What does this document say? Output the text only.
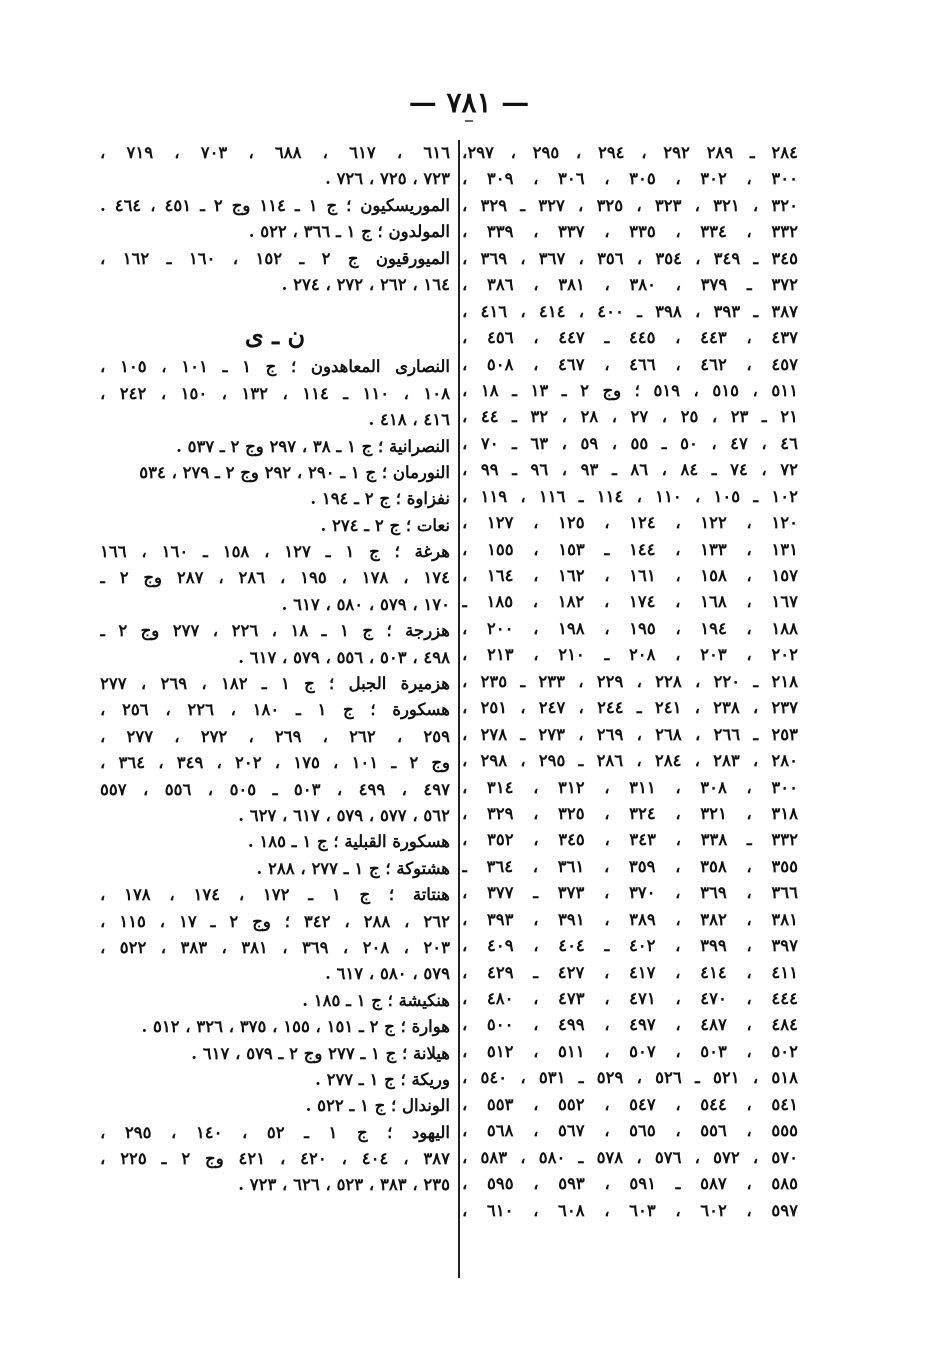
— ٧٨١ —
٢٨٤ ـ ٢٨٩ ٢٩٢ ، ٢٩٤ ، ٢٩٥ ، ٢٩٧،
٣٠٠ ، ٣٠٢ ، ٣٠٥ ، ٣٠٦ ، ٣٠٩ ،
٣٢٠ ، ٣٢١ ، ٣٢٣ ، ٣٢٥ ، ٣٢٧ ـ ٣٢٩ ،
٣٣٢ ، ٣٣٤ ، ٣٣٥ ، ٣٣٧ ، ٣٣٩ ،
٣٤٥ ـ ٣٤٩ ، ٣٥٤ ، ٣٥٦ ، ٣٦٧ ، ٣٦٩ ،
٣٧٢ ـ ٣٧٩ ، ٣٨٠ ، ٣٨١ ، ٣٨٦ ،
٣٨٧ ـ ٣٩٣ ، ٣٩٨ ـ ٤٠٠ ، ٤١٤ ، ٤١٦ ،
٤٣٧ ، ٤٤٣ ، ٤٤٥ ـ ٤٤٧ ، ٤٥٦ ،
٤٥٧ ، ٤٦٢ ، ٤٦٦ ، ٤٦٧ ، ٥٠٨ ،
٥١١ ، ٥١٥ ، ٥١٩ ؛ وج ٢ ـ ١٣ ـ ١٨ ،
٢١ ـ ٢٣ ، ٢٥ ، ٢٧ ، ٢٨ ، ٣٢ ـ ٤٤ ،
٤٦ ، ٤٧ ، ٥٠ ـ ٥٥ ، ٥٩ ، ٦٣ ـ ٧٠ ،
٧٢ ، ٧٤ ـ ٨٤ ، ٨٦ ـ ٩٣ ، ٩٦ ـ ٩٩ ،
١٠٢ ـ ١٠٥ ، ١١٠ ، ١١٤ ـ ١١٦ ، ١١٩ ،
١٢٠ ، ١٢٢ ، ١٢٤ ، ١٢٥ ، ١٢٧ ،
١٣١ ، ١٣٣ ، ١٤٤ ـ ١٥٣ ، ١٥٥ ،
١٥٧ ، ١٥٨ ، ١٦١ ، ١٦٢ ، ١٦٤ ،
١٦٧ ، ١٦٨ ، ١٧٤ ، ١٨٢ ، ١٨٥ ـ
١٨٨ ، ١٩٤ ، ١٩٥ ، ١٩٨ ، ٢٠٠ ،
٢٠٢ ، ٢٠٣ ، ٢٠٨ ـ ٢١٠ ، ٢١٣ ،
٢١٨ ـ ٢٢٠ ، ٢٢٨ ، ٢٢٩ ، ٢٣٣ ـ ٢٣٥ ،
٢٣٧ ، ٢٣٨ ، ٢٤١ ـ ٢٤٤ ، ٢٤٧ ، ٢٥١ ،
٢٥٣ ـ ٢٦٦ ، ٢٦٨ ، ٢٦٩ ، ٢٧٣ ـ ٢٧٨ ،
٢٨٠ ، ٢٨٣ ، ٢٨٤ ، ٢٨٦ ـ ٢٩٥ ، ٢٩٨ ،
٣٠٠ ، ٣٠٨ ، ٣١١ ، ٣١٢ ، ٣١٤ ،
٣١٨ ، ٣٢١ ، ٣٢٤ ، ٣٢٥ ، ٣٢٩ ،
٣٣٢ ـ ٣٣٨ ، ٣٤٣ ، ٣٤٥ ، ٣٥٢ ،
٣٥٥ ، ٣٥٨ ، ٣٥٩ ، ٣٦١ ، ٣٦٤ ـ
٣٦٦ ، ٣٦٩ ، ٣٧٠ ، ٣٧٣ ـ ٣٧٧ ،
٣٨١ ، ٣٨٢ ، ٣٨٩ ، ٣٩١ ، ٣٩٣ ،
٣٩٧ ، ٣٩٩ ، ٤٠٢ ـ ٤٠٤ ، ٤٠٩ ،
٤١١ ، ٤١٤ ، ٤١٧ ، ٤٢٧ ـ ٤٢٩ ،
٤٤٤ ، ٤٧٠ ، ٤٧١ ، ٤٧٣ ، ٤٨٠ ،
٤٨٤ ، ٤٨٧ ، ٤٩٧ ، ٤٩٩ ، ٥٠٠ ،
٥٠٢ ، ٥٠٣ ، ٥٠٧ ، ٥١١ ، ٥١٢ ،
٥١٨ ، ٥٢١ ـ ٥٢٦ ، ٥٢٩ ـ ٥٣١ ، ٥٤٠ ،
٥٤١ ، ٥٤٤ ، ٥٤٧ ، ٥٥٢ ، ٥٥٣ ،
٥٥٥ ، ٥٥٦ ، ٥٦٥ ، ٥٦٧ ، ٥٦٨ ،
٥٧٠ ، ٥٧٢ ، ٥٧٦ ، ٥٧٨ ـ ٥٨٠ ، ٥٨٣ ،
٥٨٥ ، ٥٨٧ ـ ٥٩١ ، ٥٩٣ ، ٥٩٥ ،
٥٩٧ ، ٦٠٢ ، ٦٠٣ ، ٦٠٨ ، ٦١٠ ،
٦١٦ ، ٦١٧ ، ٦٨٨ ، ٧٠٣ ، ٧١٩ ،
٧٢٣ ، ٧٢٥ ، ٧٢٦ .
الموريسكيون ؛ ج ١ ـ ١١٤ وج ٢ ـ ٤٥١ ، ٤٦٤ .
المولدون ؛ ج ١ ـ ٣٦٦ ، ٥٢٢ .
الميورقيون ج ٢ ـ ١٥٢ ، ١٦٠ ـ ١٦٢ ،
١٦٤ ، ٢٦٢ ، ٢٧٢ ، ٢٧٤ .
ن ـ ى
النصارى المعاهدون ؛ ج ١ ـ ١٠١ ، ١٠٥ ،
١٠٨ ، ١١٠ ـ ١١٤ ، ١٣٢ ، ١٥٠ ، ٢٤٢ ،
٤١٦ ، ٤١٨ .
النصرانية ؛ ج ١ ـ ٣٨ ، ٢٩٧ وج ٢ ـ ٥٣٧ .
النورمان ؛ ج ١ ـ ٢٩٠ ، ٢٩٢ وج ٢ ـ ٢٧٩ ، ٥٣٤
نفزاوة ؛ ج ٢ ـ ١٩٤ .
نعات ؛ ج ٢ ـ ٢٧٤ .
هرغة ؛ ج ١ ـ ١٢٧ ، ١٥٨ ـ ١٦٠ ، ١٦٦
١٧٤ ، ١٧٨ ، ١٩٥ ، ٢٨٦ ، ٢٨٧ وج ٢ ـ
١٧٠ ، ٥٧٩ ، ٥٨٠ ، ٦١٧ .
هزرجة ؛ ج ١ ـ ١٨ ، ٢٢٦ ، ٢٧٧ وج ٢ ـ
٤٩٨ ، ٥٠٣ ، ٥٥٦ ، ٥٧٩ ، ٦١٧ .
هزميرة الجبل ؛ ج ١ ـ ١٨٢ ، ٢٦٩ ، ٢٧٧
هسكورة ؛ ج ١ ـ ١٨٠ ، ٢٢٦ ، ٢٥٦ ،
٢٥٩ ، ٢٦٢ ، ٢٦٩ ، ٢٧٢ ، ٢٧٧ ،
وج ٢ ـ ١٠١ ، ١٧٥ ، ٢٠٢ ، ٣٤٩ ، ٣٦٤ ،
٤٩٧ ، ٤٩٩ ، ٥٠٣ ـ ٥٠٥ ، ٥٥٦ ، ٥٥٧
٥٦٢ ، ٥٧٧ ، ٥٧٩ ، ٦١٧ ، ٦٢٧ .
هسكورة القبلية ؛ ج ١ ـ ١٨٥ .
هشتوكة ؛ ج ١ ـ ٢٧٧ ، ٢٨٨ .
هنتاتة ؛ ج ١ ـ ١٧٢ ، ١٧٤ ، ١٧٨ ،
٢٦٢ ، ٢٨٨ ، ٣٤٢ ؛ وج ٢ ـ ١٧ ، ١١٥ ،
٢٠٣ ، ٢٠٨ ، ٣٦٩ ، ٣٨١ ، ٣٨٣ ، ٥٢٢ ،
٥٧٩ ، ٥٨٠ ، ٦١٧ .
هنكيشة ؛ ج ١ ـ ١٨٥ .
هوارة ؛ ج ٢ ـ ١٥١ ، ١٥٥ ، ٣٧٥ ، ٣٢٦ ، ٥١٢ .
هيلانة ؛ ج ١ ـ ٢٧٧ وج ٢ ـ ٥٧٩ ، ٦١٧ .
وريكة ؛ ج ١ ـ ٢٧٧ .
الوندال ؛ ج ١ ـ ٥٢٢ .
اليهود ؛ ج ١ ـ ٥٢ ، ١٤٠ ، ٢٩٥ ،
٣٨٧ ، ٤٠٤ ، ٤٢٠ ، ٤٢١ وج ٢ ـ ٢٢٥ ،
٢٣٥ ، ٣٨٣ ، ٥٢٣ ، ٦٢٦ ، ٧٢٣ .
